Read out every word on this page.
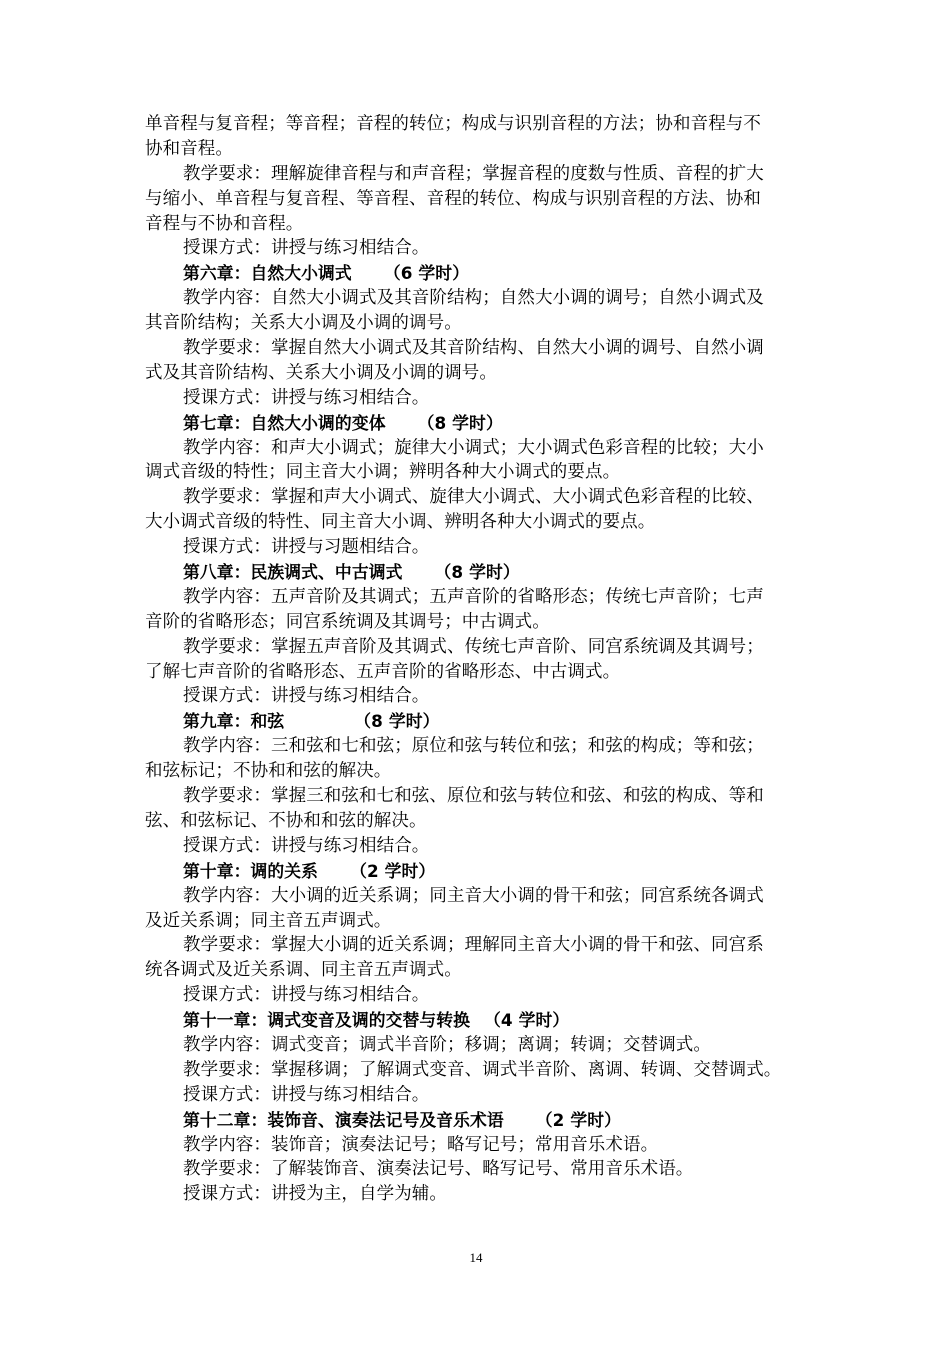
单音程与复音程；等音程；音程的转位；构成与识别音程的方法；协和音程与不
协和音程。
教学要求：理解旋律音程与和声音程；掌握音程的度数与性质、音程的扩大
与缩小、单音程与复音程、等音程、音程的转位、构成与识别音程的方法、协和
音程与不协和音程。
授课方式：讲授与练习相结合。
第六章：自然大小调式 （6 学时）
教学内容：自然大小调式及其音阶结构；自然大小调的调号；自然小调式及
其音阶结构；关系大小调及小调的调号。
教学要求：掌握自然大小调式及其音阶结构、自然大小调的调号、自然小调
式及其音阶结构、关系大小调及小调的调号。
授课方式：讲授与练习相结合。
第七章：自然大小调的变体 （8 学时）
教学内容：和声大小调式；旋律大小调式；大小调式色彩音程的比较；大小
调式音级的特性；同主音大小调；辨明各种大小调式的要点。
教学要求：掌握和声大小调式、旋律大小调式、大小调式色彩音程的比较、
大小调式音级的特性、同主音大小调、辨明各种大小调式的要点。
授课方式：讲授与习题相结合。
第八章：民族调式、中古调式 （8 学时）
教学内容：五声音阶及其调式；五声音阶的省略形态；传统七声音阶；七声
音阶的省略形态；同宫系统调及其调号；中古调式。
教学要求：掌握五声音阶及其调式、传统七声音阶、同宫系统调及其调号；
了解七声音阶的省略形态、五声音阶的省略形态、中古调式。
授课方式：讲授与练习相结合。
第九章：和弦	（8 学时）
教学内容：三和弦和七和弦；原位和弦与转位和弦；和弦的构成；等和弦；
和弦标记；不协和和弦的解决。
教学要求：掌握三和弦和七和弦、原位和弦与转位和弦、和弦的构成、等和
弦、和弦标记、不协和和弦的解决。
授课方式：讲授与练习相结合。
第十章：调的关系 （2 学时）
教学内容：大小调的近关系调；同主音大小调的骨干和弦；同宫系统各调式
及近关系调；同主音五声调式。
教学要求：掌握大小调的近关系调；理解同主音大小调的骨干和弦、同宫系
统各调式及近关系调、同主音五声调式。
授课方式：讲授与练习相结合。
第十一章：调式变音及调的交替与转换 （4 学时）
教学内容：调式变音；调式半音阶；移调；离调；转调；交替调式。
教学要求：掌握移调；了解调式变音、调式半音阶、离调、转调、交替调式。
授课方式：讲授与练习相结合。
第十二章：装饰音、演奏法记号及音乐术语 （2 学时）
教学内容：装饰音；演奏法记号；略写记号；常用音乐术语。
教学要求：了解装饰音、演奏法记号、略写记号、常用音乐术语。
授课方式：讲授为主，自学为辅。
14
